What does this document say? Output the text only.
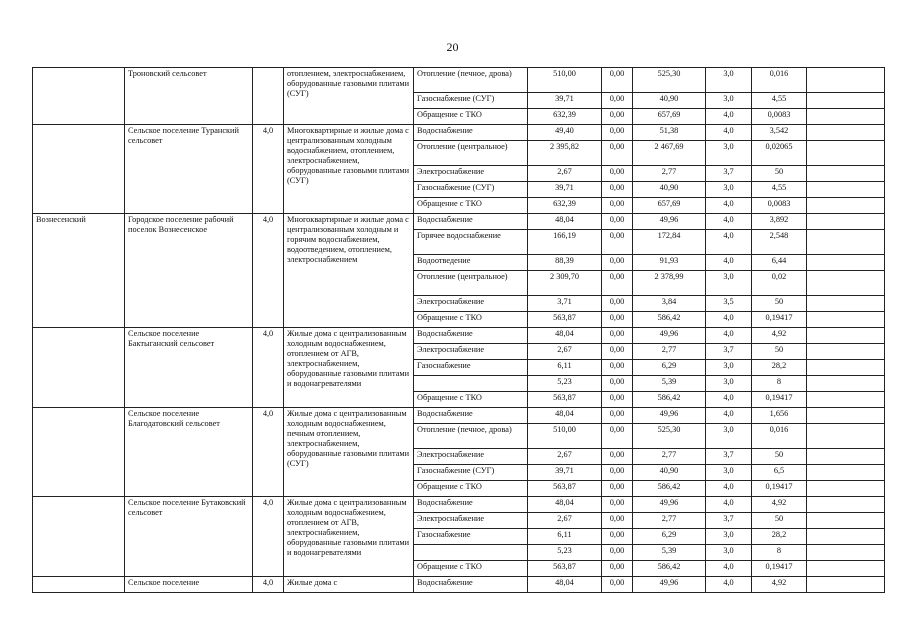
20
	Троновский сельсовет		отоплением, электроснабжением, оборудованные газовыми плитами (СУГ)	Отопление (печное, дрова)	510,00	0,00	525,30	3,0	0,016	
				Газоснабжение (СУГ)	39,71	0,00	40,90	3,0	4,55	
				Обращение с ТКО	632,39	0,00	657,69	4,0	0,0083	
	Сельское поселение Туранский сельсовет	4,0	Многоквартирные и жилые дома с централизованным холодным водоснабжением, отоплением, электроснабжением, оборудованные газовыми плитами (СУГ)	Водоснабжение	49,40	0,00	51,38	4,0	3,542	
				Отопление (центральное)	2 395,82	0,00	2 467,69	3,0	0,02065	
				Электроснабжение	2,67	0,00	2,77	3,7	50	
				Газоснабжение (СУГ)	39,71	0,00	40,90	3,0	4,55	
				Обращение с ТКО	632,39	0,00	657,69	4,0	0,0083	
Вознесенский	Городское поселение рабочий поселок Вознесенское	4,0	Многоквартирные и жилые дома с централизованным холодным и горячим водоснабжением, водоотведением, отоплением, электроснабжением	Водоснабжение	48,04	0,00	49,96	4,0	3,892	
				Горячее водоснабжение	166,19	0,00	172,84	4,0	2,548	
				Водоотведение	88,39	0,00	91,93	4,0	6,44	
				Отопление (центральное)	2 309,70	0,00	2 378,99	3,0	0,02	
				Электроснабжение	3,71	0,00	3,84	3,5	50	
				Обращение с ТКО	563,87	0,00	586,42	4,0	0,19417	
	Сельское поселение Бактыганский сельсовет	4,0	Жилые дома с централизованным холодным водоснабжением, отоплением от АГВ, электроснабжением, оборудованные газовыми плитами и водонагревателями	Водоснабжение	48,04	0,00	49,96	4,0	4,92	
				Электроснабжение	2,67	0,00	2,77	3,7	50	
				Газоснабжение	6,11	0,00	6,29	3,0	28,2	
					5,23	0,00	5,39	3,0	8	
				Обращение с ТКО	563,87	0,00	586,42	4,0	0,19417	
	Сельское поселение Благодатовский сельсовет	4,0	Жилые дома с централизованным холодным водоснабжением, печным отоплением, электроснабжением, оборудованные газовыми плитами (СУГ)	Водоснабжение	48,04	0,00	49,96	4,0	1,656	
				Отопление (печное, дрова)	510,00	0,00	525,30	3,0	0,016	
				Электроснабжение	2,67	0,00	2,77	3,7	50	
				Газоснабжение (СУГ)	39,71	0,00	40,90	3,0	6,5	
				Обращение с ТКО	563,87	0,00	586,42	4,0	0,19417	
	Сельское поселение Бутаковский сельсовет	4,0	Жилые дома с централизованным холодным водоснабжением, отоплением от АГВ, электроснабжением, оборудованные газовыми плитами и водонагревателями	Водоснабжение	48,04	0,00	49,96	4,0	4,92	
				Электроснабжение	2,67	0,00	2,77	3,7	50	
				Газоснабжение	6,11	0,00	6,29	3,0	28,2	
					5,23	0,00	5,39	3,0	8	
				Обращение с ТКО	563,87	0,00	586,42	4,0	0,19417	
	Сельское поселение	4,0	Жилые дома с	Водоснабжение	48,04	0,00	49,96	4,0	4,92	
